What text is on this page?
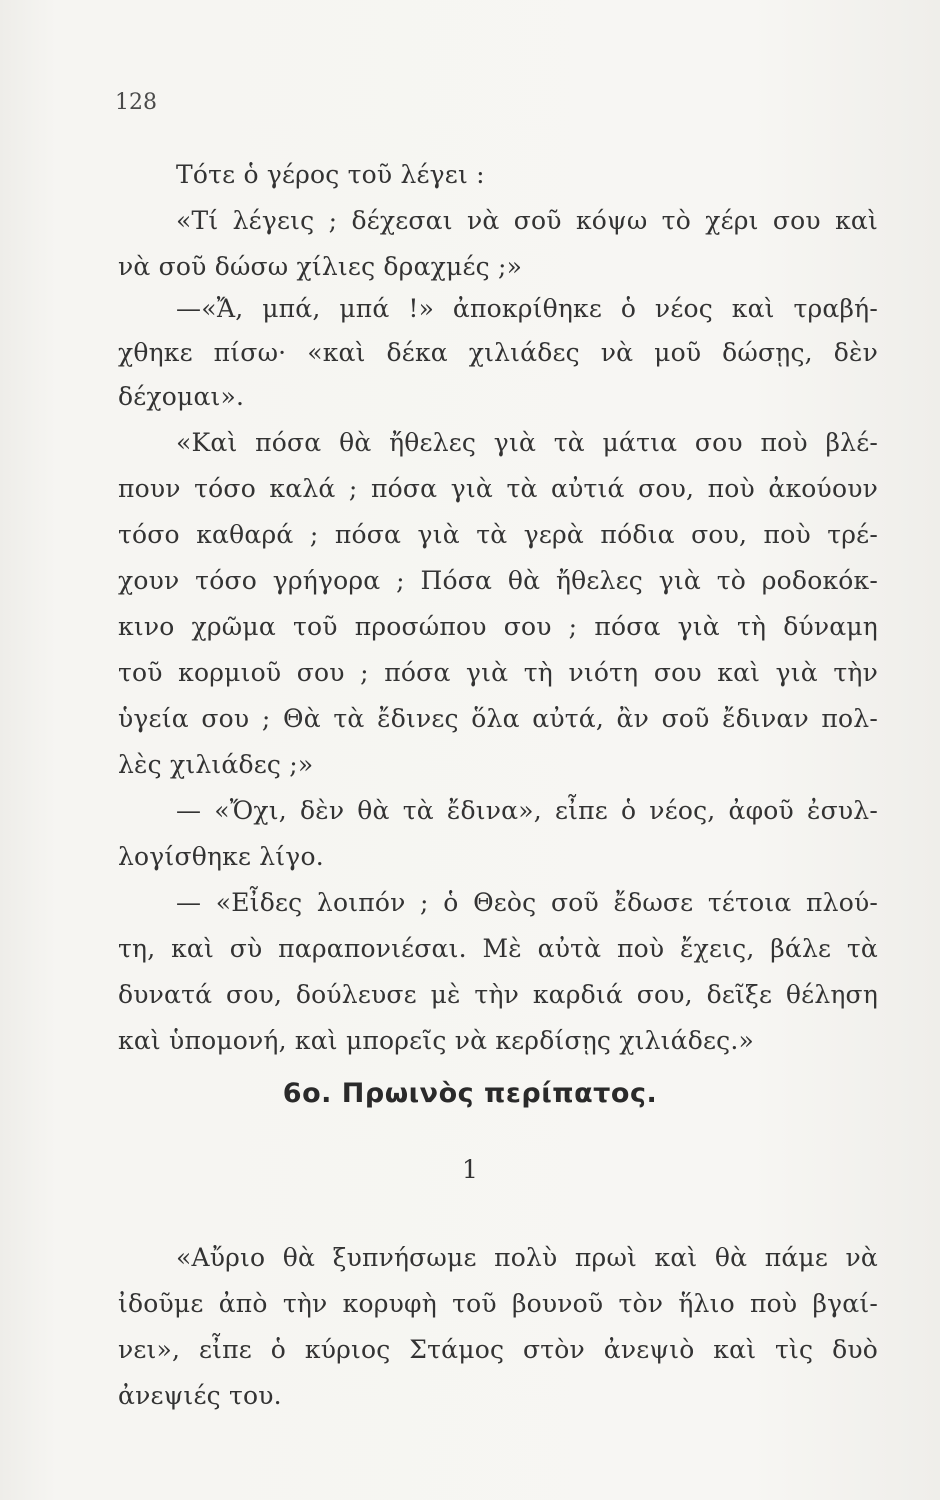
128
Τότε ὁ γέρος τοῦ λέγει :
«Τί λέγεις ; δέχεσαι νὰ σοῦ κόψω τὸ χέρι σου καὶ
νὰ σοῦ δώσω χίλιες δραχμές ;»
—«Ἄ, μπά, μπά !» ἀποκρίθηκε ὁ νέος καὶ τραβή-
χθηκε πίσω· «καὶ δέκα χιλιάδες νὰ μοῦ δώσῃς, δὲν
δέχομαι».
«Καὶ πόσα θὰ ἤθελες γιὰ τὰ μάτια σου ποὺ βλέ-
πουν τόσο καλά ; πόσα γιὰ τὰ αὐτιά σου, ποὺ ἀκούουν
τόσο καθαρά ; πόσα γιὰ τὰ γερὰ πόδια σου, ποὺ τρέ-
χουν τόσο γρήγορα ; Πόσα θὰ ἤθελες γιὰ τὸ ροδοκόκ-
κινο χρῶμα τοῦ προσώπου σου ; πόσα γιὰ τὴ δύναμη
τοῦ κορμιοῦ σου ; πόσα γιὰ τὴ νιότη σου καὶ γιὰ τὴν
ὑγεία σου ; Θὰ τὰ ἔδινες ὅλα αὐτά, ἂν σοῦ ἔδιναν πολ-
λὲς χιλιάδες ;»
— «Ὄχι, δὲν θὰ τὰ ἔδινα», εἶπε ὁ νέος, ἀφοῦ ἐσυλ-
λογίσθηκε λίγο.
— «Εἶδες λοιπόν ; ὁ Θεὸς σοῦ ἔδωσε τέτοια πλού-
τη, καὶ σὺ παραπονιέσαι. Μὲ αὐτὰ ποὺ ἔχεις, βάλε τὰ
δυνατά σου, δούλευσε μὲ τὴν καρδιά σου, δεῖξε θέληση
καὶ ὑπομονή, καὶ μπορεῖς νὰ κερδίσῃς χιλιάδες.»
6ο. Πρωινὸς περίπατος.
1
«Αὔριο θὰ ξυπνήσωμε πολὺ πρωὶ καὶ θὰ πάμε νὰ
ἰδοῦμε ἀπὸ τὴν κορυφὴ τοῦ βουνοῦ τὸν ἥλιο ποὺ βγαί-
νει», εἶπε ὁ κύριος Στάμος στὸν ἀνεψιὸ καὶ τὶς δυὸ
ἀνεψιές του.
